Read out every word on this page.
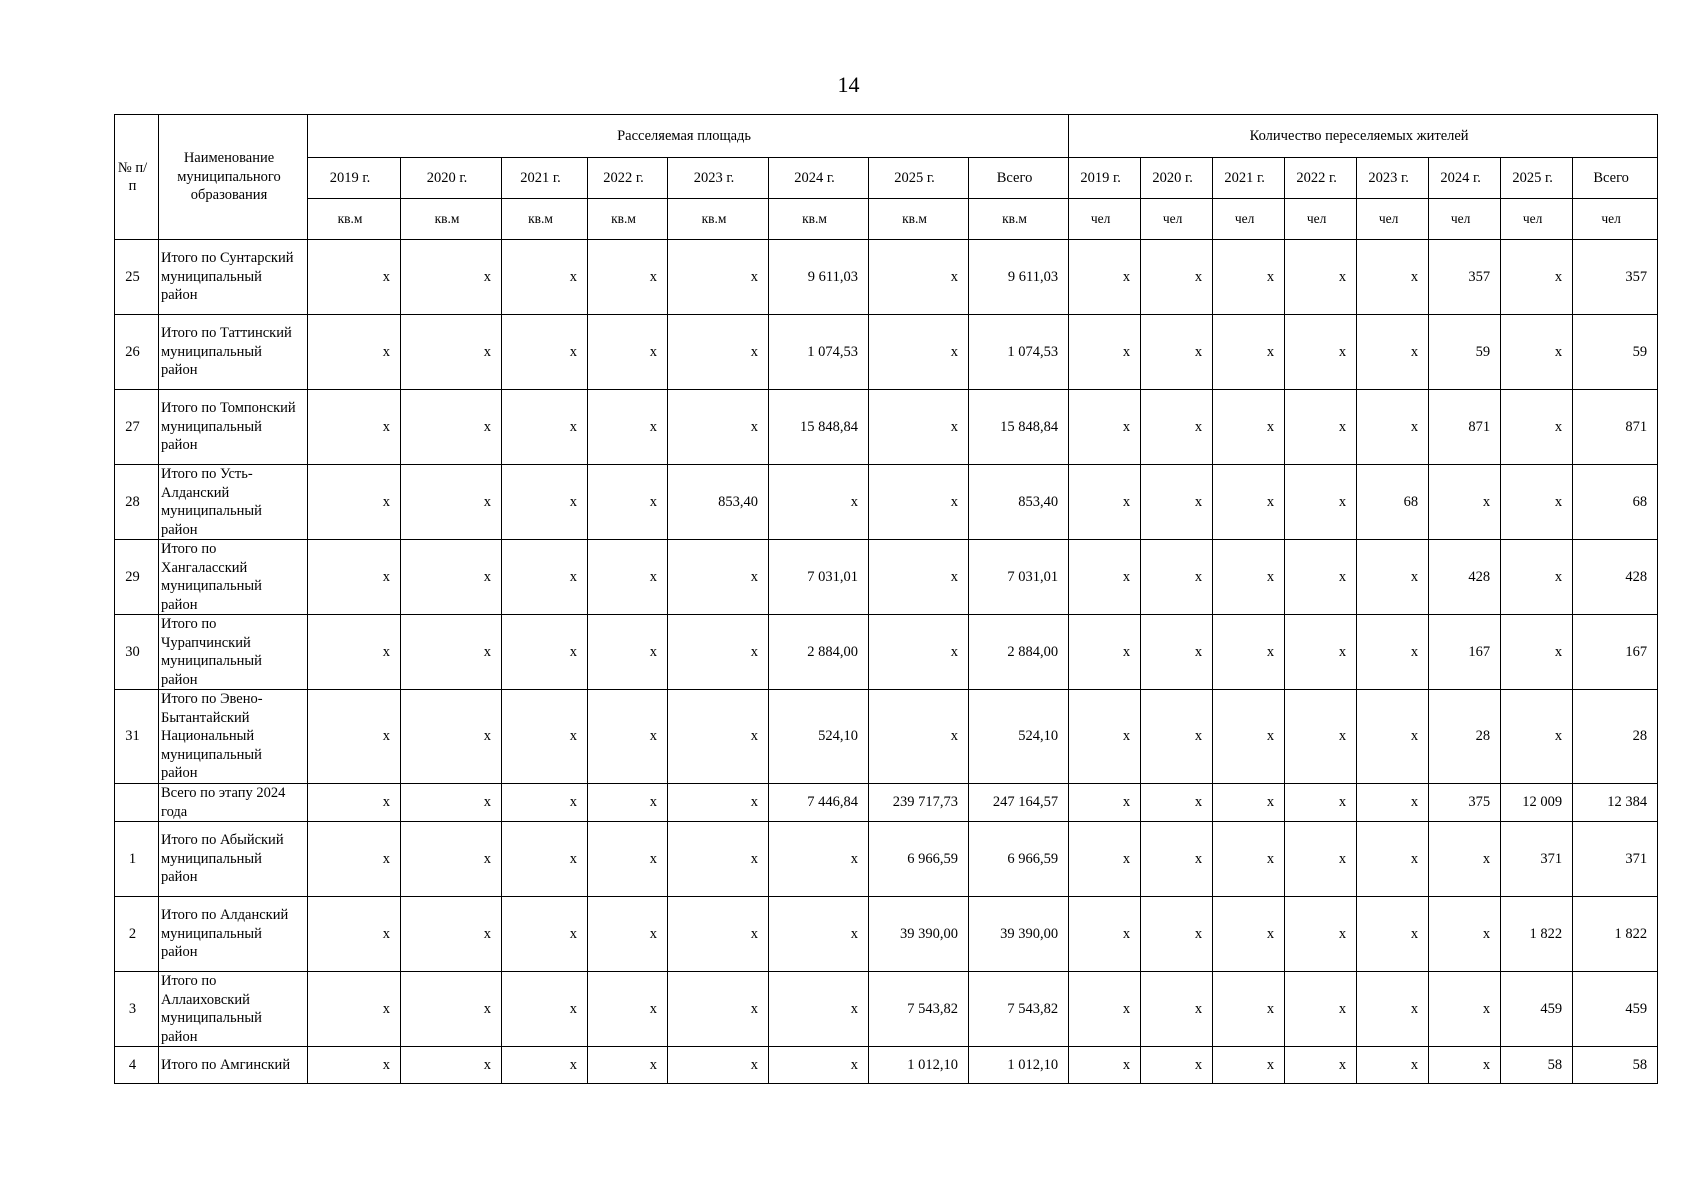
14
№ п/п	Наименование муниципального образования	Расселяемая площадь								Количество переселяемых жителей							
		2019 г.	2020 г.	2021 г.	2022 г.	2023 г.	2024 г.	2025 г.	Всего	2019 г.	2020 г.	2021 г.	2022 г.	2023 г.	2024 г.	2025 г.	Всего
		кв.м	кв.м	кв.м	кв.м	кв.м	кв.м	кв.м	кв.м	чел	чел	чел	чел	чел	чел	чел	чел
25	Итого по Сунтарский муниципальный район	x	x	x	x	x	9 611,03	x	9 611,03	x	x	x	x	x	357	x	357
26	Итого по Таттинский муниципальный район	x	x	x	x	x	1 074,53	x	1 074,53	x	x	x	x	x	59	x	59
27	Итого по Томпонский муниципальный район	x	x	x	x	x	15 848,84	x	15 848,84	x	x	x	x	x	871	x	871
28	Итого по Усть-Алданский муниципальный район	x	x	x	x	853,40	x	x	853,40	x	x	x	x	68	x	x	68
29	Итого по Хангаласский муниципальный район	x	x	x	x	x	7 031,01	x	7 031,01	x	x	x	x	x	428	x	428
30	Итого по Чурапчинский муниципальный район	x	x	x	x	x	2 884,00	x	2 884,00	x	x	x	x	x	167	x	167
31	Итого по Эвено-Бытантайский Национальный муниципальный район	x	x	x	x	x	524,10	x	524,10	x	x	x	x	x	28	x	28
	Всего по этапу 2024 года	x	x	x	x	x	7 446,84	239 717,73	247 164,57	x	x	x	x	x	375	12 009	12 384
1	Итого по Абыйский муниципальный район	x	x	x	x	x	x	6 966,59	6 966,59	x	x	x	x	x	x	371	371
2	Итого по Алданский муниципальный район	x	x	x	x	x	x	39 390,00	39 390,00	x	x	x	x	x	x	1 822	1 822
3	Итого по Аллаиховский муниципальный район	x	x	x	x	x	x	7 543,82	7 543,82	x	x	x	x	x	x	459	459
4	Итого по Амгинский	x	x	x	x	x	x	1 012,10	1 012,10	x	x	x	x	x	x	58	58
